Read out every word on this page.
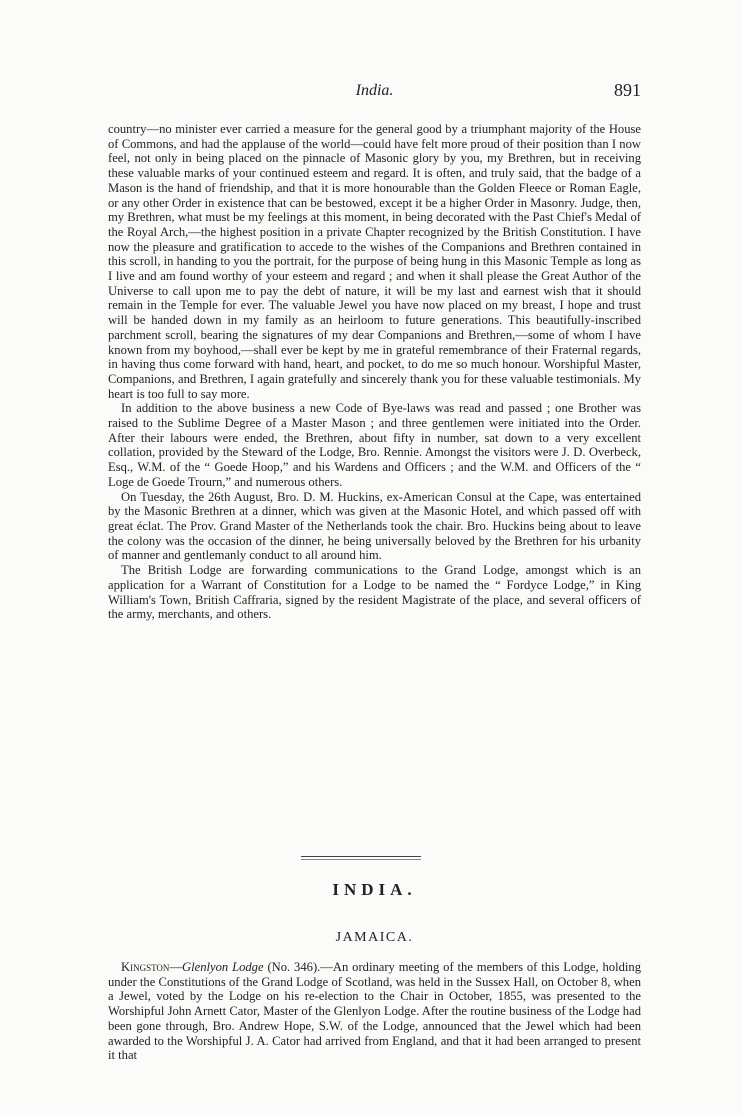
India.	891

country—no minister ever carried a measure for the general good by a triumphant majority of the House of Commons, and had the applause of the world—could have felt more proud of their position than I now feel, not only in being placed on the pinnacle of Masonic glory by you, my Brethren, but in receiving these valuable marks of your continued esteem and regard. It is often, and truly said, that the badge of a Mason is the hand of friendship, and that it is more honourable than the Golden Fleece or Roman Eagle, or any other Order in existence that can be bestowed, except it be a higher Order in Masonry. Judge, then, my Brethren, what must be my feelings at this moment, in being decorated with the Past Chief's Medal of the Royal Arch,—the highest position in a private Chapter recognized by the British Constitution. I have now the pleasure and gratification to accede to the wishes of the Companions and Brethren contained in this scroll, in handing to you the portrait, for the purpose of being hung in this Masonic Temple as long as I live and am found worthy of your esteem and regard ; and when it shall please the Great Author of the Universe to call upon me to pay the debt of nature, it will be my last and earnest wish that it should remain in the Temple for ever. The valuable Jewel you have now placed on my breast, I hope and trust will be handed down in my family as an heirloom to future generations. This beautifully-inscribed parchment scroll, bearing the signatures of my dear Companions and Brethren,—some of whom I have known from my boyhood,—shall ever be kept by me in grateful remembrance of their Fraternal regards, in having thus come forward with hand, heart, and pocket, to do me so much honour. Worshipful Master, Companions, and Brethren, I again gratefully and sincerely thank you for these valuable testimonials. My heart is too full to say more.

In addition to the above business a new Code of Bye-laws was read and passed ; one Brother was raised to the Sublime Degree of a Master Mason ; and three gentlemen were initiated into the Order. After their labours were ended, the Brethren, about fifty in number, sat down to a very excellent collation, provided by the Steward of the Lodge, Bro. Rennie. Amongst the visitors were J. D. Overbeck, Esq., W.M. of the “ Goede Hoop,” and his Wardens and Officers ; and the W.M. and Officers of the “ Loge de Goede Trourn,” and numerous others.

On Tuesday, the 26th August, Bro. D. M. Huckins, ex-American Consul at the Cape, was entertained by the Masonic Brethren at a dinner, which was given at the Masonic Hotel, and which passed off with great éclat. The Prov. Grand Master of the Netherlands took the chair. Bro. Huckins being about to leave the colony was the occasion of the dinner, he being universally beloved by the Brethren for his urbanity of manner and gentlemanly conduct to all around him.

The British Lodge are forwarding communications to the Grand Lodge, amongst which is an application for a Warrant of Constitution for a Lodge to be named the “ Fordyce Lodge,” in King William's Town, British Caffraria, signed by the resident Magistrate of the place, and several officers of the army, merchants, and others.

INDIA.
JAMAICA.

Kingston—Glenlyon Lodge (No. 346).—An ordinary meeting of the members of this Lodge, holding under the Constitutions of the Grand Lodge of Scotland, was held in the Sussex Hall, on October 8, when a Jewel, voted by the Lodge on his re-election to the Chair in October, 1855, was presented to the Worshipful John Arnett Cator, Master of the Glenlyon Lodge. After the routine business of the Lodge had been gone through, Bro. Andrew Hope, S.W. of the Lodge, announced that the Jewel which had been awarded to the Worshipful J. A. Cator had arrived from England, and that it had been arranged to present it that
